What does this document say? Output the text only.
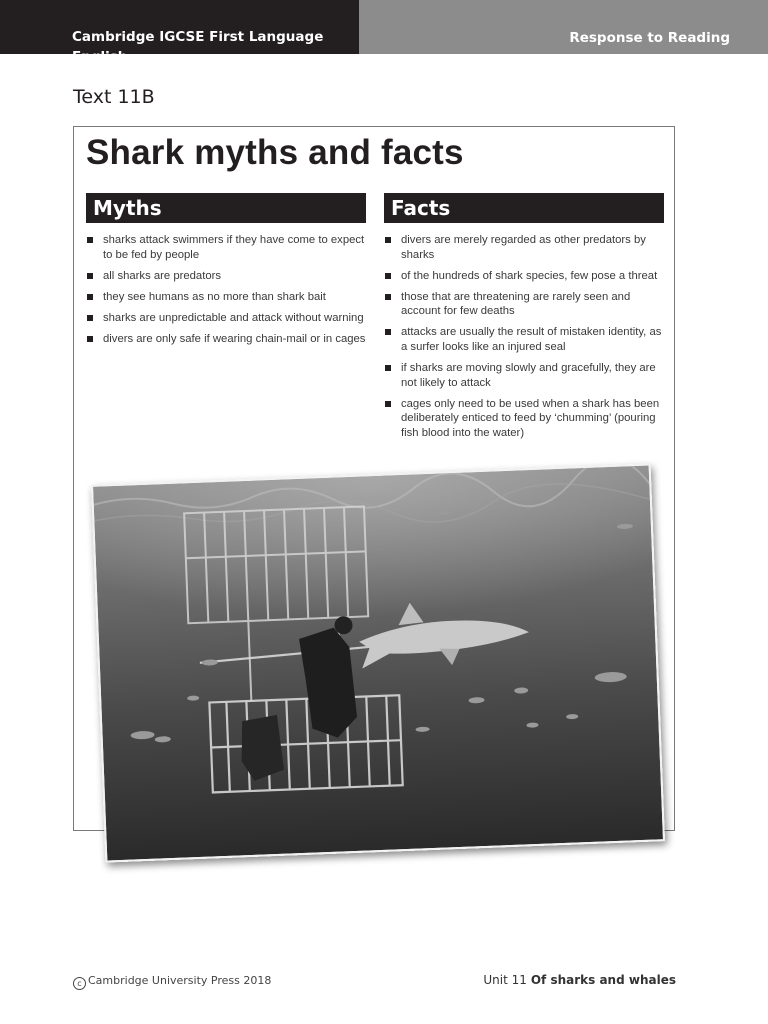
Cambridge IGCSE First Language English
Response to Reading
Text 11B
Shark myths and facts
Myths
sharks attack swimmers if they have come to expect to be fed by people
all sharks are predators
they see humans as no more than shark bait
sharks are unpredictable and attack without warning
divers are only safe if wearing chain-mail or in cages
Facts
divers are merely regarded as other predators by sharks
of the hundreds of shark species, few pose a threat
those that are threatening are rarely seen and account for few deaths
attacks are usually the result of mistaken identity, as a surfer looks like an injured seal
if sharks are moving slowly and gracefully, they are not likely to attack
cages only need to be used when a shark has been deliberately enticed to feed by ‘chumming’ (pouring fish blood into the water)
c Cambridge University Press 2018	Unit 11 Of sharks and whales
